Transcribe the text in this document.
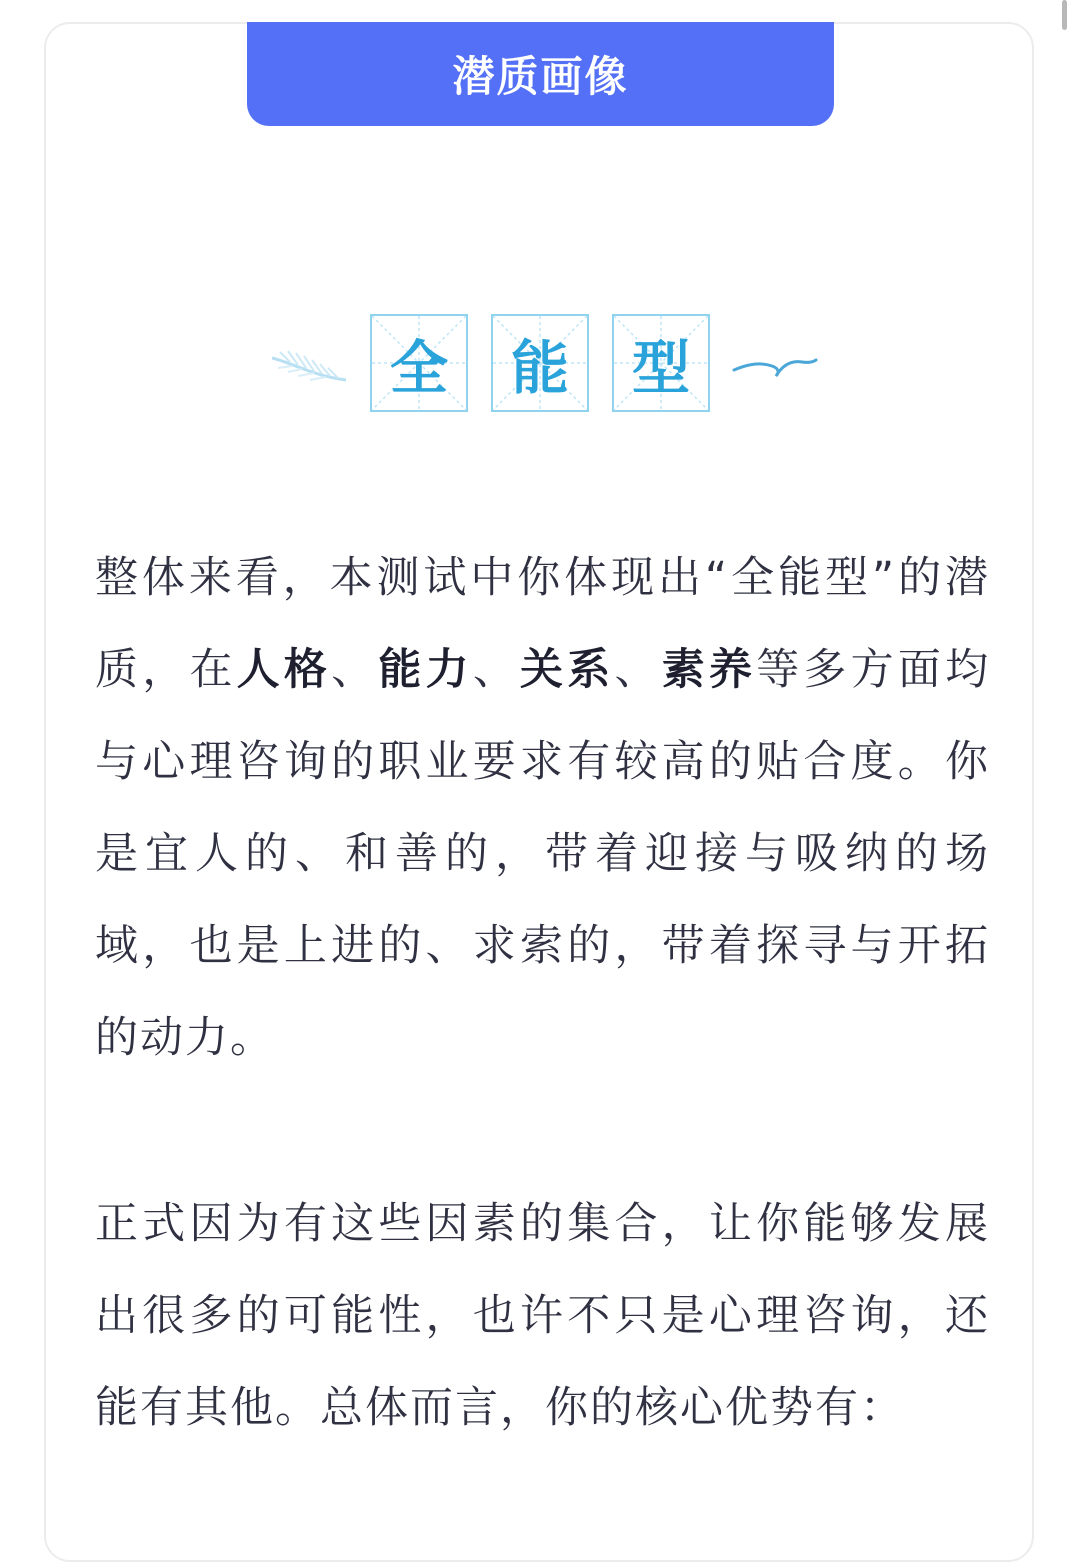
潜质画像
全	能	型
整体来看，本测试中你体现出“全能型”的潜质，在人格、能力、关系、素养等多方面均与心理咨询的职业要求有较高的贴合度。你是宜人的、和善的，带着迎接与吸纳的场域，也是上进的、求索的，带着探寻与开拓的动力。
正式因为有这些因素的集合，让你能够发展出很多的可能性，也许不只是心理咨询，还能有其他。总体而言，你的核心优势有：
